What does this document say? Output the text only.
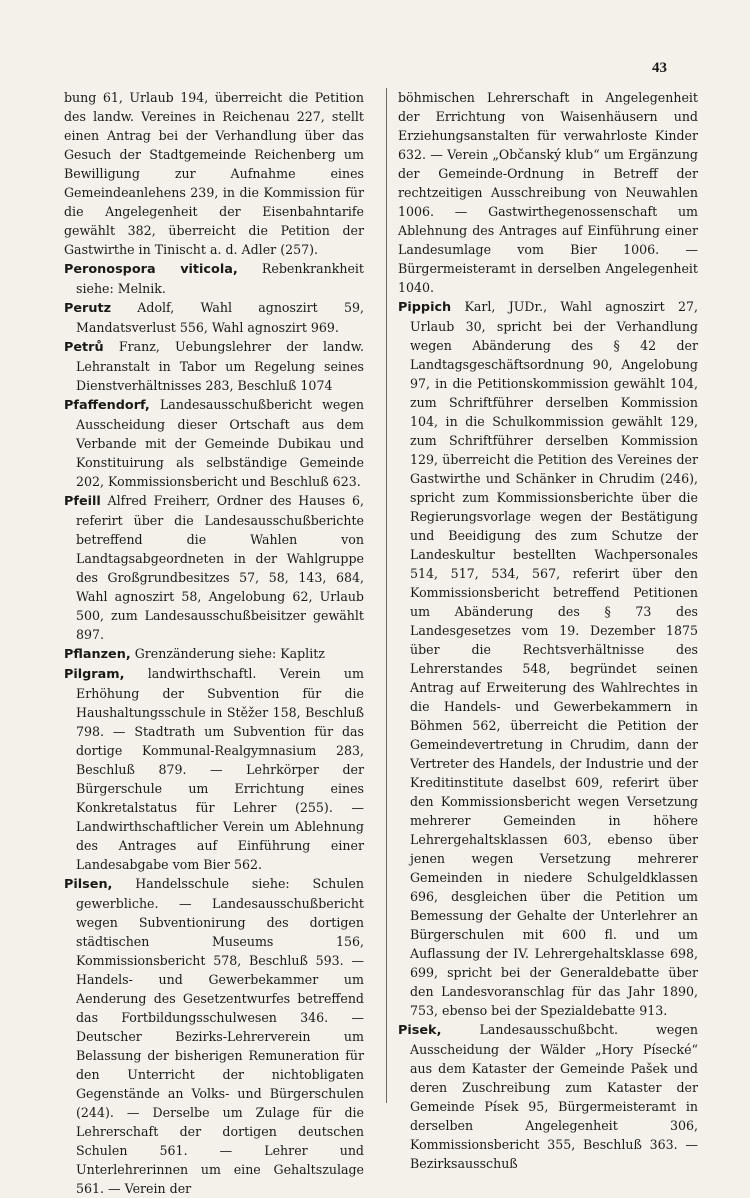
43

bung 61, Urlaub 194, überreicht die Petition des landw. Vereines in Reichenau 227, stellt einen Antrag bei der Verhandlung über das Gesuch der Stadtgemeinde Reichenberg um Bewilligung zur Aufnahme eines Gemeindeanlehens 239, in die Kommission für die Angelegenheit der Eisenbahntarife gewählt 382, überreicht die Petition der Gastwirthe in Tinischt a. d. Adler (257).

Peronospora viticola, Rebenkrankheit siehe: Melnik.

Perutz Adolf, Wahl agnoszirt 59, Mandatsverlust 556, Wahl agnoszirt 969.

Petrů Franz, Uebungslehrer der landw. Lehranstalt in Tabor um Regelung seines Dienstverhältnisses 283, Beschluß 1074

Pfaffendorf, Landesausschußbericht wegen Ausscheidung dieser Ortschaft aus dem Verbande mit der Gemeinde Dubikau und Konstituirung als selbständige Gemeinde 202, Kommissionsbericht und Beschluß 623.

Pfeill Alfred Freiherr, Ordner des Hauses 6, referirt über die Landesausschußberichte betreffend die Wahlen von Landtagsabgeordneten in der Wahlgruppe des Großgrundbesitzes 57, 58, 143, 684, Wahl agnoszirt 58, Angelobung 62, Urlaub 500, zum Landesausschußbeisitzer gewählt 897.

Pflanzen, Grenzänderung siehe: Kaplitz

Pilgram, landwirthschaftl. Verein um Erhöhung der Subvention für die Haushaltungsschule in Stěžer 158, Beschluß 798. — Stadtrath um Subvention für das dortige Kommunal-Realgymnasium 283, Beschluß 879. — Lehrkörper der Bürgerschule um Errichtung eines Konkretalstatus für Lehrer (255). — Landwirthschaftlicher Verein um Ablehnung des Antrages auf Einführung einer Landesabgabe vom Bier 562.

Pilsen, Handelsschule siehe: Schulen gewerbliche. — Landesausschußbericht wegen Subventionirung des dortigen städtischen Museums 156, Kommissionsbericht 578, Beschluß 593. — Handels- und Gewerbekammer um Aenderung des Gesetzentwurfes betreffend das Fortbildungsschulwesen 346. — Deutscher Bezirks-Lehrerverein um Belassung der bisherigen Remuneration für den Unterricht der nichtobligaten Gegenstände an Volks- und Bürgerschulen (244). — Derselbe um Zulage für die Lehrerschaft der dortigen deutschen Schulen 561. — Lehrer und Unterlehrerinnen um eine Gehaltszulage 561. — Verein der

böhmischen Lehrerschaft in Angelegenheit der Errichtung von Waisenhäusern und Erziehungsanstalten für verwahrloste Kinder 632. — Verein „Občanský klub“ um Ergänzung der Gemeinde-Ordnung in Betreff der rechtzeitigen Ausschreibung von Neuwahlen 1006. — Gastwirthegenossenschaft um Ablehnung des Antrages auf Einführung einer Landesumlage vom Bier 1006. — Bürgermeisteramt in derselben Angelegenheit 1040.

Pippich Karl, JUDr., Wahl agnoszirt 27, Urlaub 30, spricht bei der Verhandlung wegen Abänderung des § 42 der Landtagsgeschäftsordnung 90, Angelobung 97, in die Petitionskommission gewählt 104, zum Schriftführer derselben Kommission 104, in die Schulkommission gewählt 129, zum Schriftführer derselben Kommission 129, überreicht die Petition des Vereines der Gastwirthe und Schänker in Chrudim (246), spricht zum Kommissionsberichte über die Regierungsvorlage wegen der Bestätigung und Beeidigung des zum Schutze der Landeskultur bestellten Wachpersonales 514, 517, 534, 567, referirt über den Kommissionsbericht betreffend Petitionen um Abänderung des § 73 des Landesgesetzes vom 19. Dezember 1875 über die Rechtsverhältnisse des Lehrerstandes 548, begründet seinen Antrag auf Erweiterung des Wahlrechtes in die Handels- und Gewerbekammern in Böhmen 562, überreicht die Petition der Gemeindevertretung in Chrudim, dann der Vertreter des Handels, der Industrie und der Kreditinstitute daselbst 609, referirt über den Kommissionsbericht wegen Versetzung mehrerer Gemeinden in höhere Lehrergehaltsklassen 603, ebenso über jenen wegen Versetzung mehrerer Gemeinden in niedere Schulgeldklassen 696, desgleichen über die Petition um Bemessung der Gehalte der Unterlehrer an Bürgerschulen mit 600 fl. und um Auflassung der IV. Lehrergehaltsklasse 698, 699, spricht bei der Generaldebatte über den Landesvoranschlag für das Jahr 1890, 753, ebenso bei der Spezialdebatte 913.

Pisek, Landesausschußbcht. wegen Ausscheidung der Wälder „Hory Písecké“ aus dem Kataster der Gemeinde Pašek und deren Zuschreibung zum Kataster der Gemeinde Písek 95, Bürgermeisteramt in derselben Angelegenheit 306, Kommissionsbericht 355, Beschluß 363. — Bezirksausschuß
